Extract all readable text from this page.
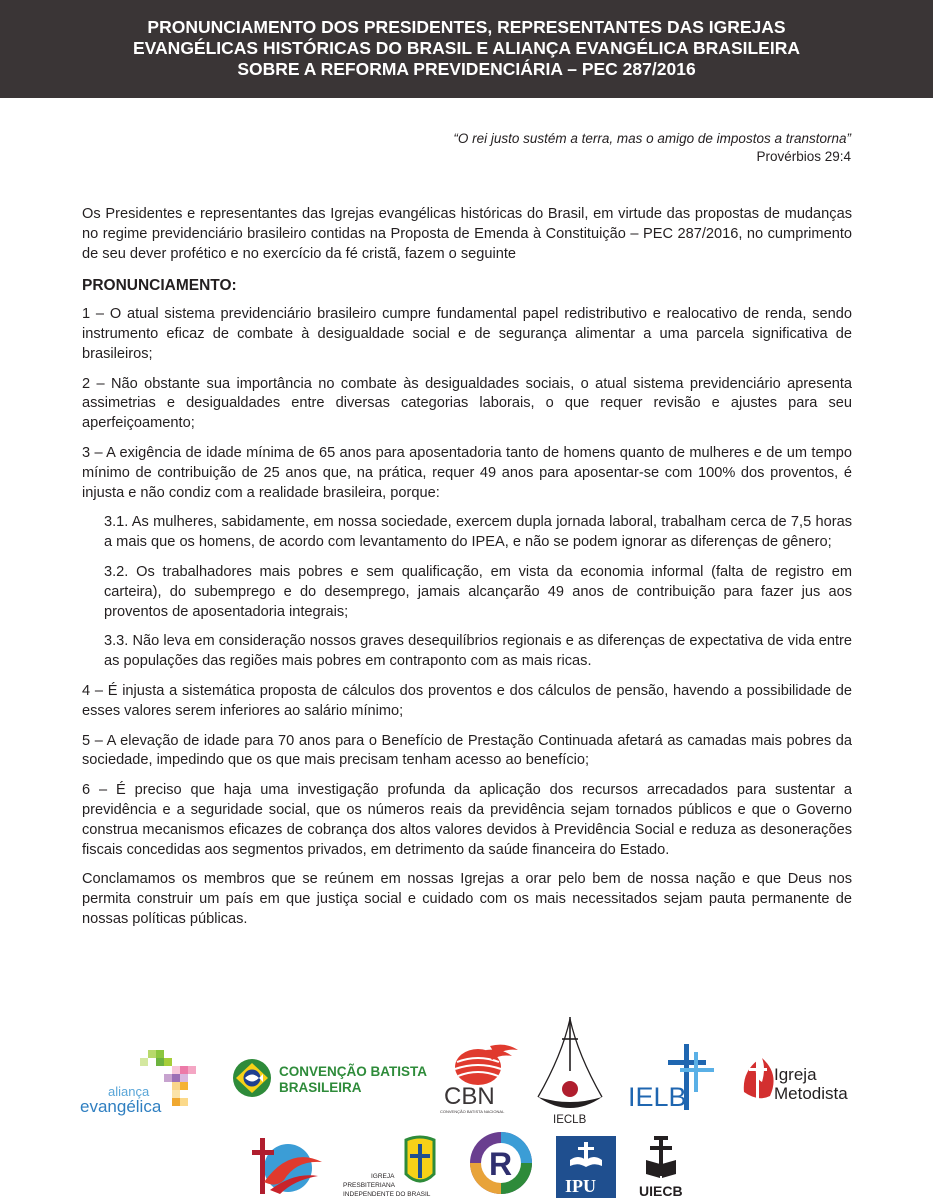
PRONUNCIAMENTO DOS PRESIDENTES, REPRESENTANTES DAS IGREJAS
EVANGÉLICAS HISTÓRICAS DO BRASIL E ALIANÇA EVANGÉLICA BRASILEIRA
SOBRE A REFORMA PREVIDENCIÁRIA – PEC 287/2016
“O rei justo sustém a terra, mas o amigo de impostos a transtorna”
Provérbios 29:4

Os Presidentes e representantes das Igrejas evangélicas históricas do Brasil, em virtude das propostas de mudanças no regime previdenciário brasileiro contidas na Proposta de Emenda à Constituição – PEC 287/2016, no cumprimento de seu dever profético e no exercício da fé cristã, fazem o seguinte

PRONUNCIAMENTO:

1 – O atual sistema previdenciário brasileiro cumpre fundamental papel redistributivo e realocativo de renda, sendo instrumento eficaz de combate à desigualdade social e de segurança alimentar a uma parcela significativa de brasileiros;

2 – Não obstante sua importância no combate às desigualdades sociais, o atual sistema previdenciário apresenta assimetrias e desigualdades entre diversas categorias laborais, o que requer revisão e ajustes para seu aperfeiçoamento;

3 – A exigência de idade mínima de 65 anos para aposentadoria tanto de homens quanto de mulheres e de um tempo mínimo de contribuição de 25 anos que, na prática, requer 49 anos para aposentar-se com 100% dos proventos, é injusta e não condiz com a realidade brasileira, porque:

3.1. As mulheres, sabidamente, em nossa sociedade, exercem dupla jornada laboral, trabalham cerca de 7,5 horas a mais que os homens, de acordo com levantamento do IPEA, e não se podem ignorar as diferenças de gênero;

3.2. Os trabalhadores mais pobres e sem qualificação, em vista da economia informal (falta de registro em carteira), do subemprego e do desemprego, jamais alcançarão 49 anos de contribuição para fazer jus aos proventos de aposentadoria integrais;

3.3. Não leva em consideração nossos graves desequilíbrios regionais e as diferenças de expectativa de vida entre as populações das regiões mais pobres em contraponto com as mais ricas.

4 – É injusta a sistemática proposta de cálculos dos proventos e dos cálculos de pensão, havendo a possibilidade de esses valores serem inferiores ao salário mínimo;

5 – A elevação de idade para 70 anos para o Benefício de Prestação Continuada afetará as camadas mais pobres da sociedade, impedindo que os que mais precisam tenham acesso ao benefício;

6 – É preciso que haja uma investigação profunda da aplicação dos recursos arrecadados para sustentar a previdência e a seguridade social, que os números reais da previdência sejam tornados públicos e que o Governo construa mecanismos eficazes de cobrança dos altos valores devidos à Previdência Social e reduza as desonerações fiscais concedidas aos segmentos privados, em detrimento da saúde financeira do Estado.

Conclamamos os membros que se reúnem em nossas Igrejas a orar pelo bem de nossa nação e que Deus nos permita construir um país em que justiça social e cuidado com os mais necessitados sejam pauta permanente de nossas políticas públicas.

aliança
evangélica
CONVENÇÃO BATISTA
BRASILEIRA	CBN
CONVENÇÃO BATISTA NACIONAL
IECLB
IELB
Igreja
Metodista
IGREJA
PRESBITERIANA
INDEPENDENTE DO BRASIL
R
IPU	UIECB
